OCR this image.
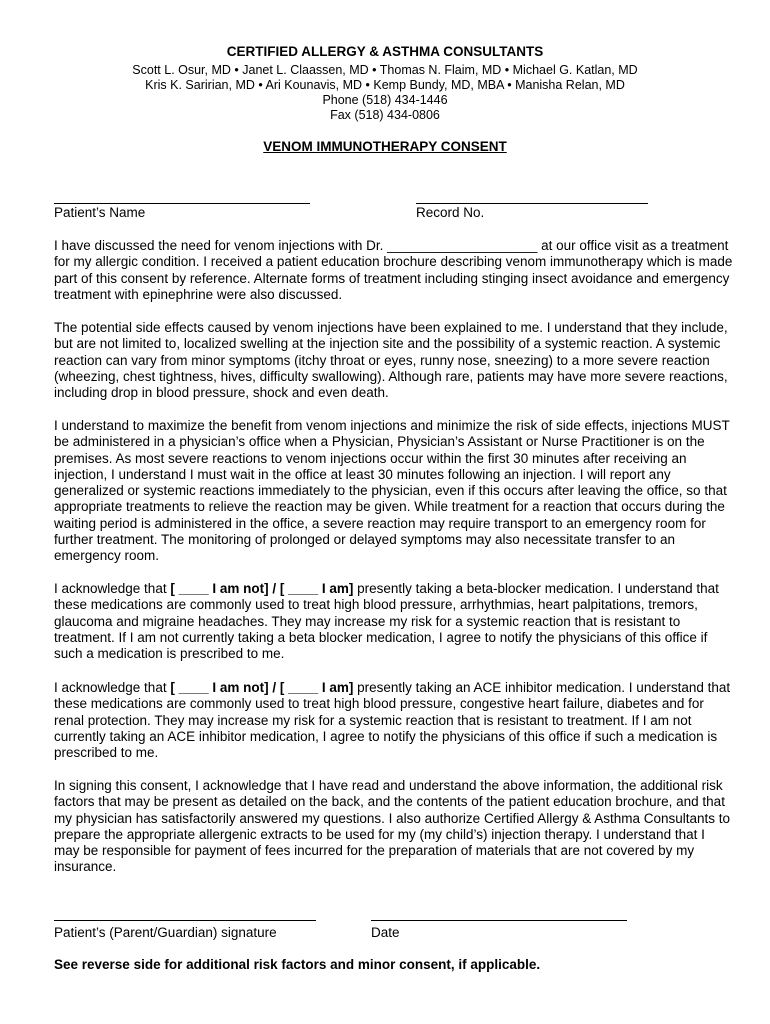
CERTIFIED ALLERGY & ASTHMA CONSULTANTS
Scott L. Osur, MD • Janet L. Claassen, MD • Thomas N. Flaim, MD • Michael G. Katlan, MD
Kris K. Saririan, MD • Ari Kounavis, MD • Kemp Bundy, MD, MBA • Manisha Relan, MD
Phone (518) 434-1446
Fax (518) 434-0806
VENOM IMMUNOTHERAPY CONSENT
Patient’s Name	Record No.

I have discussed the need for venom injections with Dr. ____________________ at our office visit as a treatment for my allergic condition. I received a patient education brochure describing venom immunotherapy which is made part of this consent by reference. Alternate forms of treatment including stinging insect avoidance and emergency treatment with epinephrine were also discussed.

The potential side effects caused by venom injections have been explained to me. I understand that they include, but are not limited to, localized swelling at the injection site and the possibility of a systemic reaction. A systemic reaction can vary from minor symptoms (itchy throat or eyes, runny nose, sneezing) to a more severe reaction (wheezing, chest tightness, hives, difficulty swallowing). Although rare, patients may have more severe reactions, including drop in blood pressure, shock and even death.

I understand to maximize the benefit from venom injections and minimize the risk of side effects, injections MUST be administered in a physician’s office when a Physician, Physician’s Assistant or Nurse Practitioner is on the premises. As most severe reactions to venom injections occur within the first 30 minutes after receiving an injection, I understand I must wait in the office at least 30 minutes following an injection. I will report any generalized or systemic reactions immediately to the physician, even if this occurs after leaving the office, so that appropriate treatments to relieve the reaction may be given. While treatment for a reaction that occurs during the waiting period is administered in the office, a severe reaction may require transport to an emergency room for further treatment. The monitoring of prolonged or delayed symptoms may also necessitate transfer to an emergency room.

I acknowledge that [ ____ I am not] / [ ____ I am] presently taking a beta-blocker medication. I understand that these medications are commonly used to treat high blood pressure, arrhythmias, heart palpitations, tremors, glaucoma and migraine headaches. They may increase my risk for a systemic reaction that is resistant to treatment. If I am not currently taking a beta blocker medication, I agree to notify the physicians of this office if such a medication is prescribed to me.

I acknowledge that [ ____ I am not] / [ ____ I am] presently taking an ACE inhibitor medication. I understand that these medications are commonly used to treat high blood pressure, congestive heart failure, diabetes and for renal protection. They may increase my risk for a systemic reaction that is resistant to treatment. If I am not currently taking an ACE inhibitor medication, I agree to notify the physicians of this office if such a medication is prescribed to me.

In signing this consent, I acknowledge that I have read and understand the above information, the additional risk factors that may be present as detailed on the back, and the contents of the patient education brochure, and that my physician has satisfactorily answered my questions. I also authorize Certified Allergy & Asthma Consultants to prepare the appropriate allergenic extracts to be used for my (my child’s) injection therapy. I understand that I may be responsible for payment of fees incurred for the preparation of materials that are not covered by my insurance.

Patient’s (Parent/Guardian) signature	Date
See reverse side for additional risk factors and minor consent, if applicable.
